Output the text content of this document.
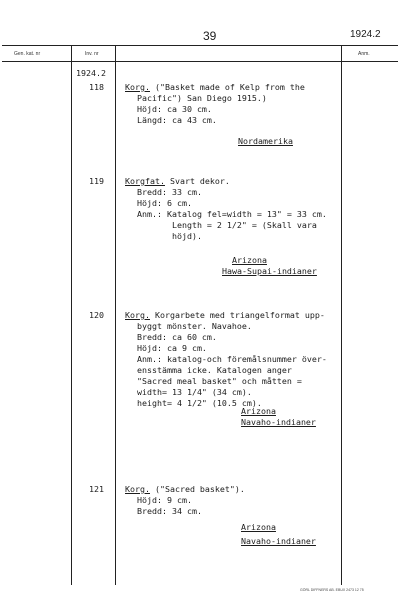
39	1924.2
Gen. kat. nr	Inv. nr	Anm.
1924.2
118	Korg. ("Basket made of Kelp from the
Pacific") San Diego 1915.)
Höjd: ca 30 cm.
Längd: ca 43 cm.
Nordamerika
119	Korgfat. Svart dekor.
Bredd: 33 cm.
Höjd: 6 cm.
Anm.: Katalog fel=width = 13" = 33 cm.
Length = 2 1/2" = (Skall vara
höjd).
Arizona
Hawa-Supai-indianer
120	Korg. Korgarbete med triangelformat upp-
byggt mönster. Navahoe.
Bredd: ca 60 cm.
Höjd: ca 9 cm.
Anm.: katalog-och föremålsnummer över-
ensstämma icke. Katalogen anger
"Sacred meal basket" och måtten =
width= 13 1/4" (34 cm).
height= 4 1/2" (10.5 cm).
Arizona
Navaho-indianer
121	Korg. ("Sacred basket").
Höjd: 9 cm.
Bredd: 34 cm.
Arizona
Navaho-indianer
GÖRL DIFFNERS AB. EBUX 2473 12 75
